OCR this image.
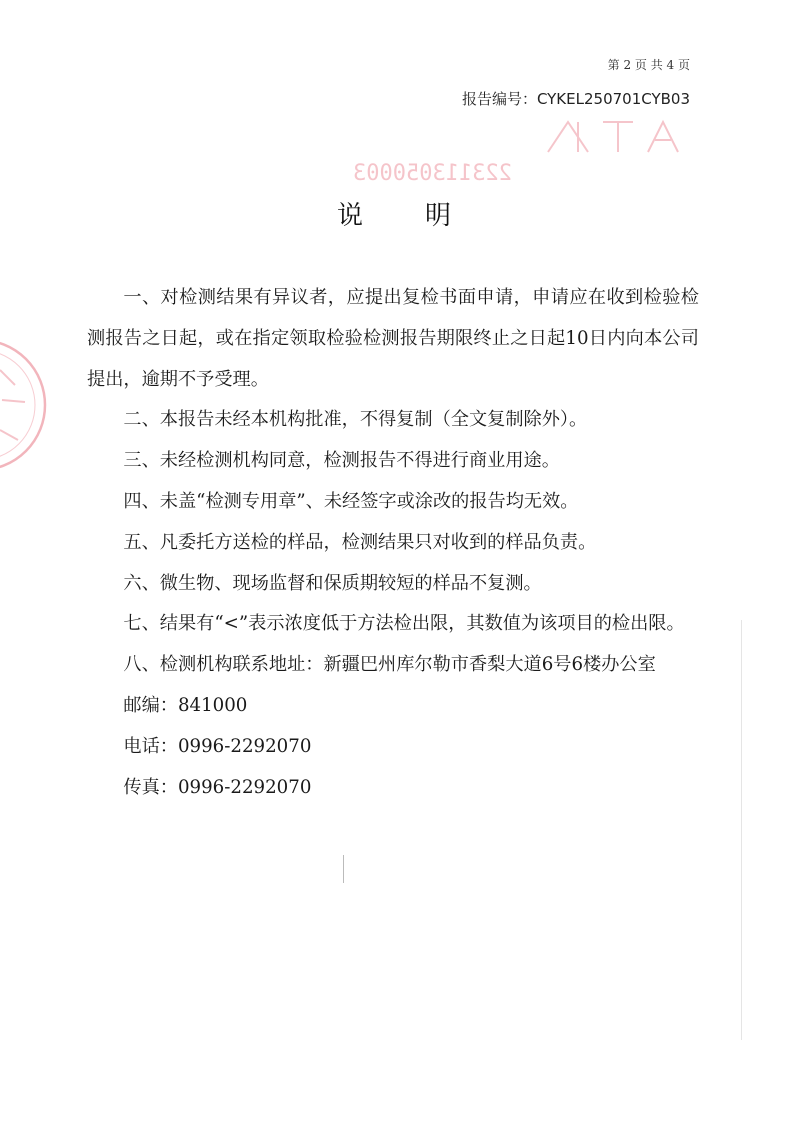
第 2 页 共 4 页
报告编号：CYKEL250701CYB03
223113050003
说明

一、对检测结果有异议者，应提出复检书面申请，申请应在收到检验检测报告之日起，或在指定领取检验检测报告期限终止之日起10日内向本公司提出，逾期不予受理。

二、本报告未经本机构批准，不得复制（全文复制除外）。

三、未经检测机构同意，检测报告不得进行商业用途。

四、未盖“检测专用章”、未经签字或涂改的报告均无效。

五、凡委托方送检的样品，检测结果只对收到的样品负责。

六、微生物、现场监督和保质期较短的样品不复测。

七、结果有“<”表示浓度低于方法检出限，其数值为该项目的检出限。

八、检测机构联系地址：新疆巴州库尔勒市香梨大道6号6楼办公室

邮编：841000

电话：0996-2292070

传真：0996-2292070
